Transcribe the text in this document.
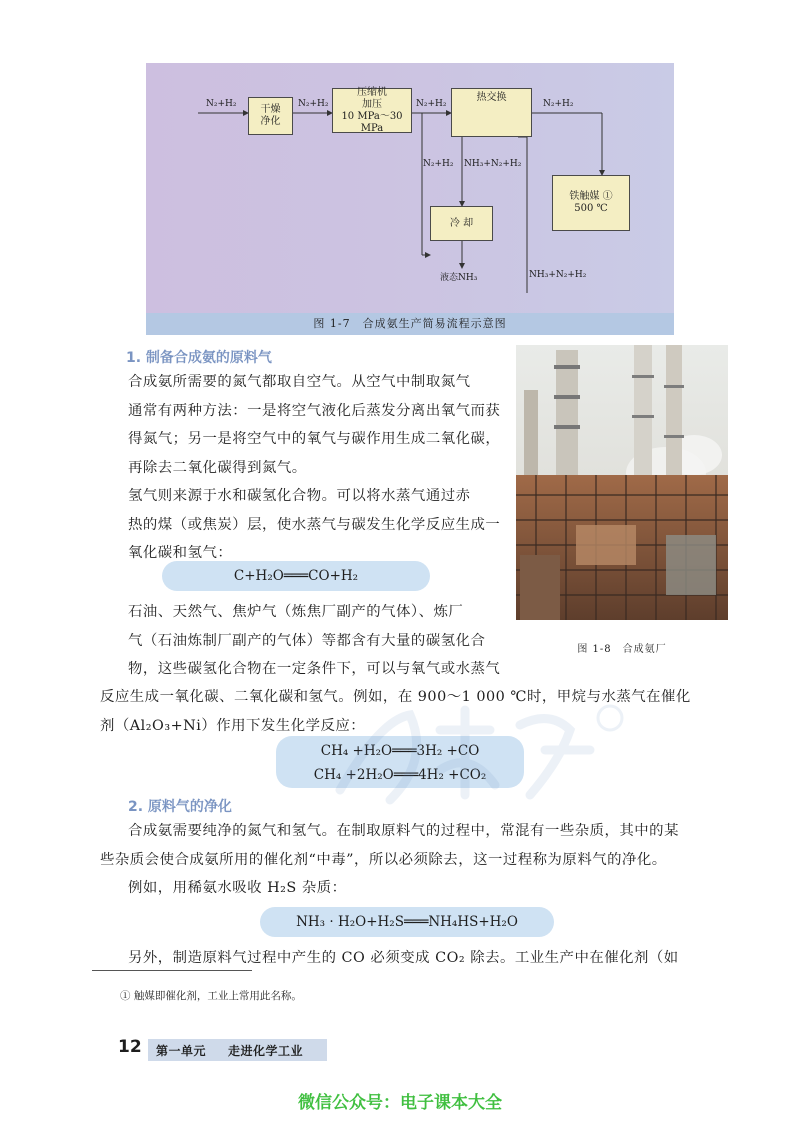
干燥
净化
压缩机
加压
10 MPa～30 MPa
热交换
冷 却
铁触媒 ①
500 ℃
N₂+H₂	N₂+H₂	N₂+H₂	N₂+H₂
N₂+H₂ NH₃+N₂+H₂
液态NH₃	NH₃+N₂+H₂
图 1-7　合成氨生产简易流程示意图
1. 制备合成氨的原料气
合成氨所需要的氮气都取自空气。从空气中制取氮气
通常有两种方法：一是将空气液化后蒸发分离出氧气而获
得氮气；另一是将空气中的氧气与碳作用生成二氧化碳，
再除去二氧化碳得到氮气。
氢气则来源于水和碳氢化合物。可以将水蒸气通过赤
热的煤（或焦炭）层，使水蒸气与碳发生化学反应生成一
氧化碳和氢气：
C+H₂O═══CO+H₂
石油、天然气、焦炉气（炼焦厂副产的气体）、炼厂
气（石油炼制厂副产的气体）等都含有大量的碳氢化合
物，这些碳氢化合物在一定条件下，可以与氧气或水蒸气
反应生成一氧化碳、二氧化碳和氢气。例如，在 900～1 000 ℃时，甲烷与水蒸气在催化
剂（Al₂O₃+Ni）作用下发生化学反应：
CH₄ +H₂O═══3H₂ +CO
CH₄ +2H₂O═══4H₂ +CO₂
图 1-8　合成氨厂
2. 原料气的净化
合成氨需要纯净的氮气和氢气。在制取原料气的过程中，常混有一些杂质，其中的某
些杂质会使合成氨所用的催化剂“中毒”，所以必须除去，这一过程称为原料气的净化。
例如，用稀氨水吸收 H₂S 杂质：
NH₃ · H₂O+H₂S═══NH₄HS+H₂O
另外，制造原料气过程中产生的 CO 必须变成 CO₂ 除去。工业生产中在催化剂（如
① 触媒即催化剂，工业上常用此名称。
12 第一单元 走进化学工业
微信公众号：电子课本大全
